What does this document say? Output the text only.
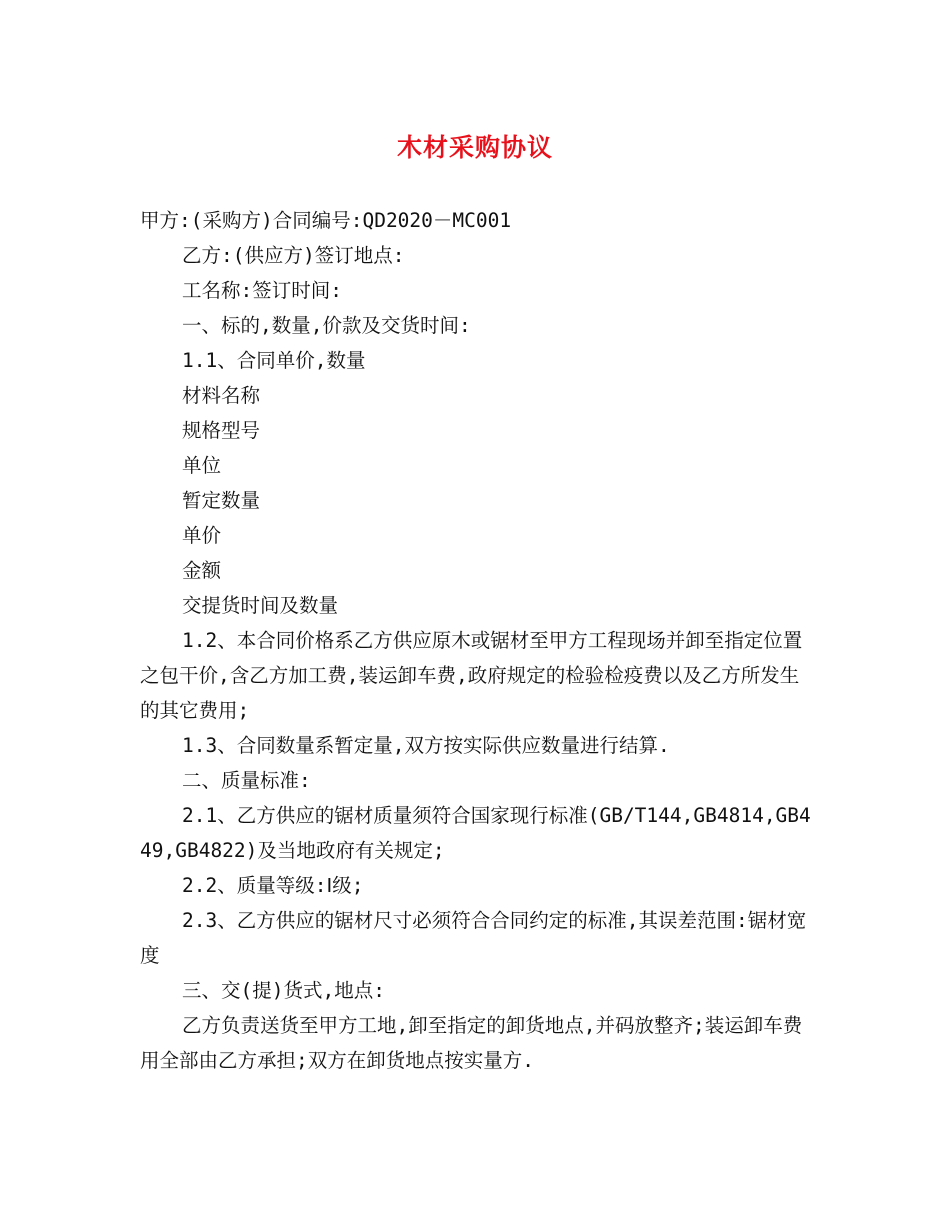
木材采购协议

甲方:(采购方)合同编号:QD2020－MC001

乙方:(供应方)签订地点:

工名称:签订时间:

一、标的,数量,价款及交货时间:

1.1、合同单价,数量

材料名称

规格型号

单位

暂定数量

单价

金额

交提货时间及数量

1.2、本合同价格系乙方供应原木或锯材至甲方工程现场并卸至指定位置之包干价,含乙方加工费,装运卸车费,政府规定的检验检疫费以及乙方所发生的其它费用;

1.3、合同数量系暂定量,双方按实际供应数量进行结算.

二、质量标准:

2.1、乙方供应的锯材质量须符合国家现行标准(GB/T144,GB4814,GB449,GB4822)及当地政府有关规定;

2.2、质量等级:Ⅰ级;

2.3、乙方供应的锯材尺寸必须符合合同约定的标准,其误差范围:锯材宽度

三、交(提)货式,地点:

乙方负责送货至甲方工地,卸至指定的卸货地点,并码放整齐;装运卸车费用全部由乙方承担;双方在卸货地点按实量方.
